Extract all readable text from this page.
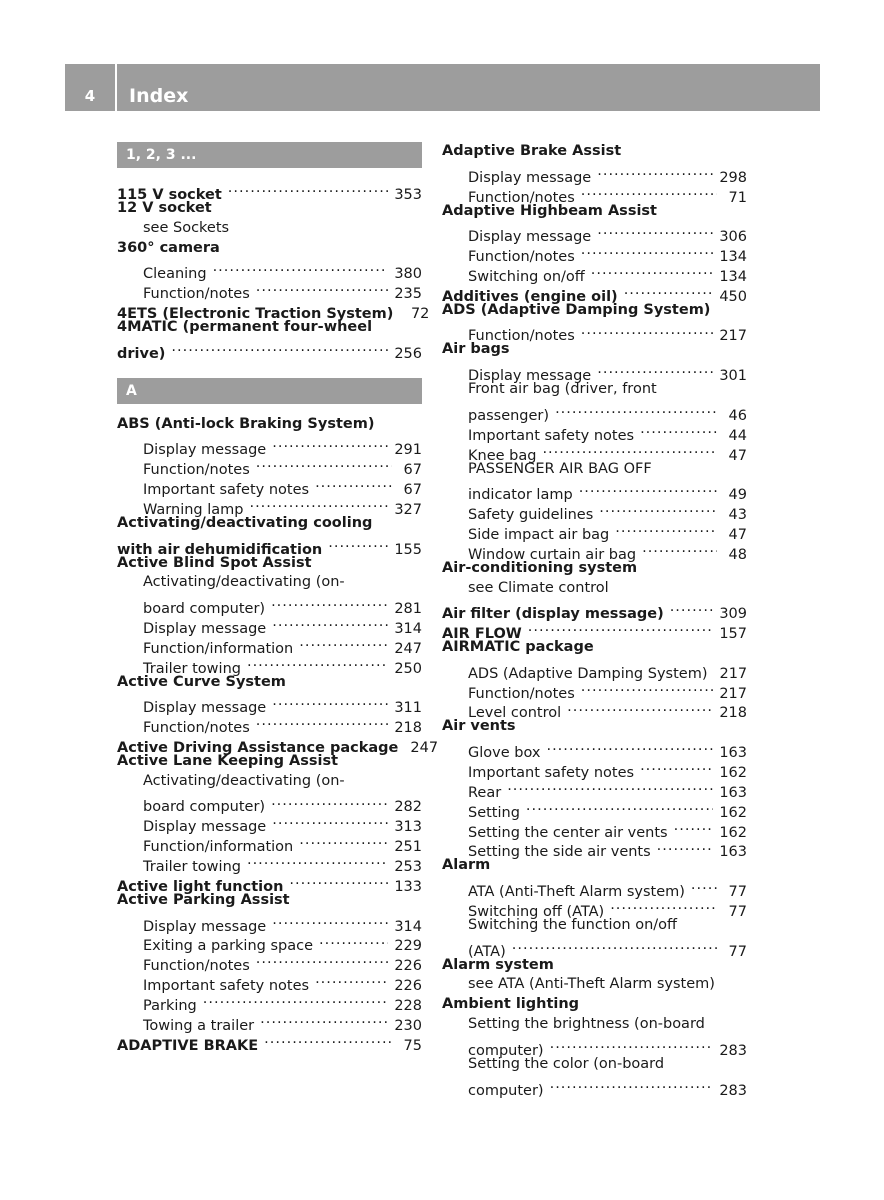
4	Index
1, 2, 3 ...
115 V socket .....	353
12 V socket
see Sockets
360° camera
Cleaning .....	380
Function/notes .....	235
4ETS (Electronic Traction System)	72
4MATIC (permanent four-wheel
drive) .....	256
A
ABS (Anti-lock Braking System)
Display message .....	291
Function/notes .....	67
Important safety notes .....	67
Warning lamp .....	327
Activating/deactivating cooling
with air dehumidification .....	155
Active Blind Spot Assist
Activating/deactivating (on-
board computer) .....	281
Display message .....	314
Function/information .....	247
Trailer towing .....	250
Active Curve System
Display message .....	311
Function/notes .....	218
Active Driving Assistance package 247
Active Lane Keeping Assist
Activating/deactivating (on-
board computer) .....	282
Display message .....	313
Function/information .....	251
Trailer towing .....	253
Active light function .....	133
Active Parking Assist
Display message .....	314
Exiting a parking space .....	229
Function/notes .....	226
Important safety notes .....	226
Parking .....	228
Towing a trailer .....	230
ADAPTIVE BRAKE .....	75
Adaptive Brake Assist
Display message .....	298
Function/notes .....	71
Adaptive Highbeam Assist
Display message .....	306
Function/notes .....	134
Switching on/off .....	134
Additives (engine oil) .....	450
ADS (Adaptive Damping System)
Function/notes .....	217
Air bags
Display message .....	301
Front air bag (driver, front
passenger) .....	46
Important safety notes .....	44
Knee bag .....	47
PASSENGER AIR BAG OFF
indicator lamp .....	49
Safety guidelines .....	43
Side impact air bag .....	47
Window curtain air bag .....	48
Air-conditioning system
see Climate control
Air filter (display message) .....	309
AIR FLOW .....	157
AIRMATIC package
ADS (Adaptive Damping System) 217
Function/notes .....	217
Level control .....	218
Air vents
Glove box .....	163
Important safety notes .....	162
Rear .....	163
Setting .....	162
Setting the center air vents .....	162
Setting the side air vents .....	163
Alarm
ATA (Anti-Theft Alarm system) .....	77
Switching off (ATA) .....	77
Switching the function on/off
(ATA) .....	77
Alarm system
see ATA (Anti-Theft Alarm system)
Ambient lighting
Setting the brightness (on-board
computer) .....	283
Setting the color (on-board
computer) .....	283
